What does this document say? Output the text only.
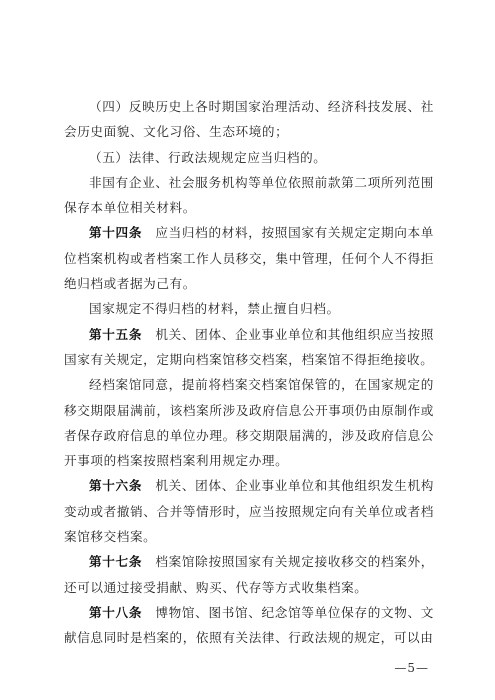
（四）反映历史上各时期国家治理活动、经济科技发展、社会历史面貌、文化习俗、生态环境的；

（五）法律、行政法规规定应当归档的。

非国有企业、社会服务机构等单位依照前款第二项所列范围保存本单位相关材料。

第十四条　应当归档的材料，按照国家有关规定定期向本单位档案机构或者档案工作人员移交，集中管理，任何个人不得拒绝归档或者据为己有。

国家规定不得归档的材料，禁止擅自归档。

第十五条　机关、团体、企业事业单位和其他组织应当按照国家有关规定，定期向档案馆移交档案，档案馆不得拒绝接收。

经档案馆同意，提前将档案交档案馆保管的，在国家规定的移交期限届满前，该档案所涉及政府信息公开事项仍由原制作或者保存政府信息的单位办理。移交期限届满的，涉及政府信息公开事项的档案按照档案利用规定办理。

第十六条　机关、团体、企业事业单位和其他组织发生机构变动或者撤销、合并等情形时，应当按照规定向有关单位或者档案馆移交档案。

第十七条　档案馆除按照国家有关规定接收移交的档案外，还可以通过接受捐献、购买、代存等方式收集档案。

第十八条　博物馆、图书馆、纪念馆等单位保存的文物、文献信息同时是档案的，依照有关法律、行政法规的规定，可以由

—5—
